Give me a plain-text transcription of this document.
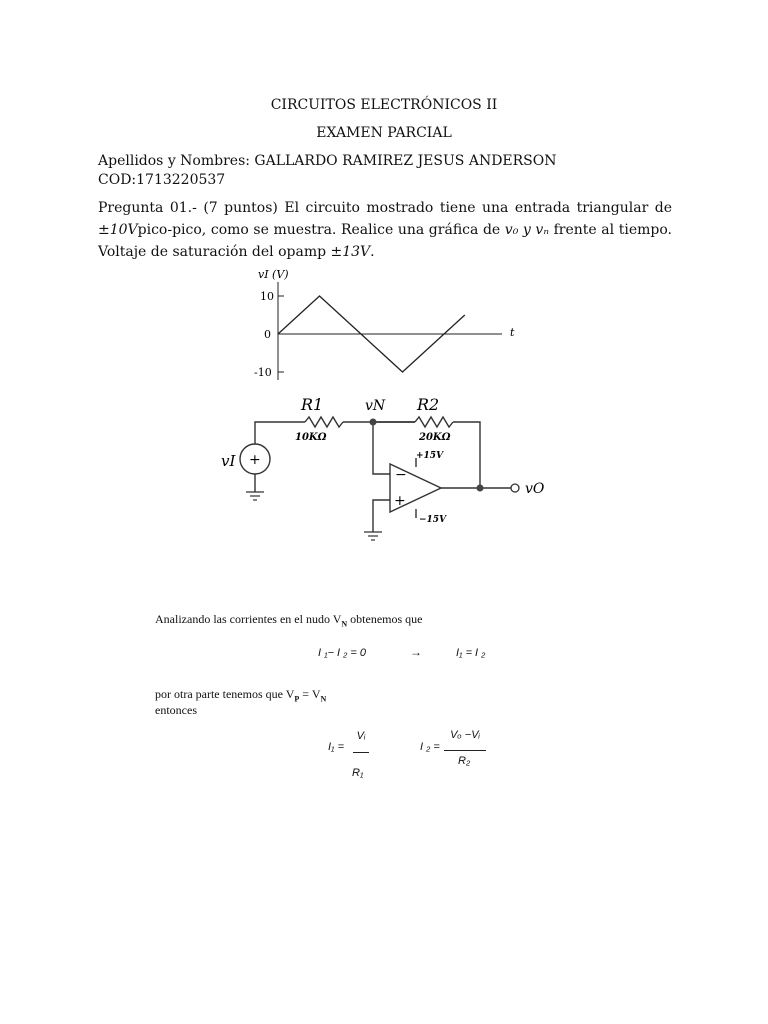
CIRCUITOS ELECTRÓNICOS II
EXAMEN PARCIAL
Apellidos y Nombres: GALLARDO RAMIREZ JESUS ANDERSON
COD:1713220537
Pregunta 01.- (7 puntos) El circuito mostrado tiene una entrada triangular de ±10Vpico-pico, como se muestra. Realice una gráfica de v₀ y vₙ frente al tiempo. Voltaje de saturación del opamp ±13V.
vI (V)
10
0
-10
t
+
−
+
R1
10KΩ
R2
20KΩ
vN
vI
vO
+15V
−15V
Analizando las corrientes en el nudo $V_N$ obtenemos que
I ₁− I ₂ = 0	→	I₁ = I ₂
por otra parte tenemos que $V_P = V_N$
entonces
I₁ =
Vᵢ
R₁
I ₂ =
Vₒ −Vᵢ
R₂
